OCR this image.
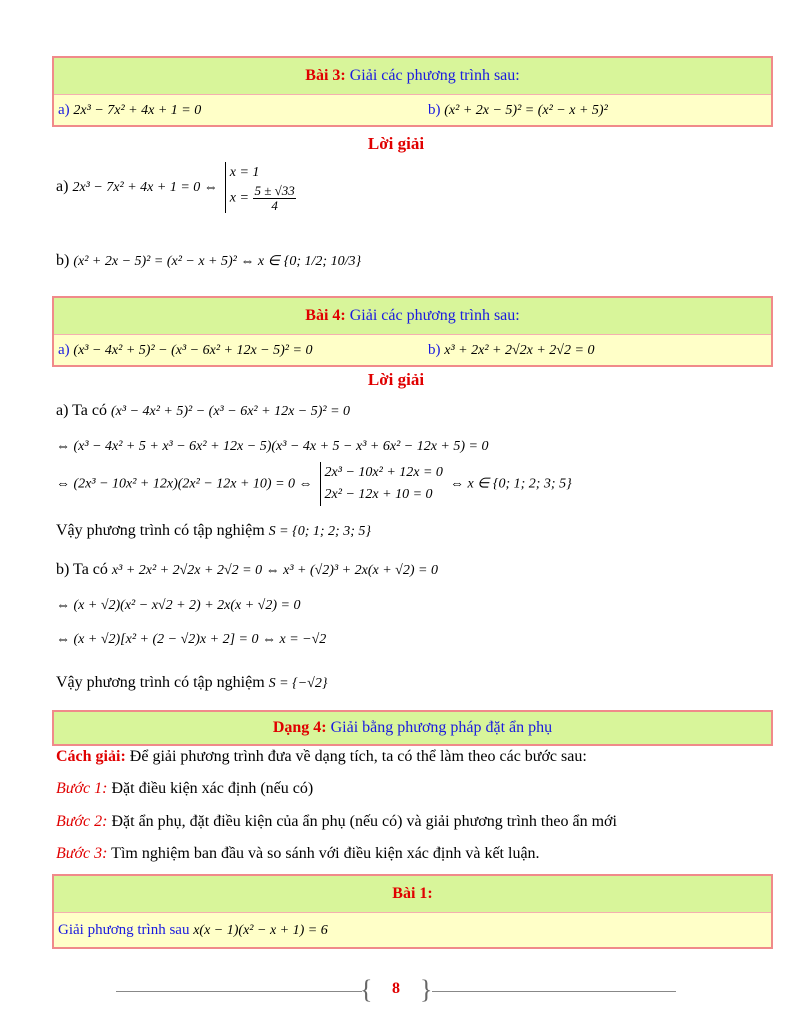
Bài 3: Giải các phương trình sau:
a) 2x³ − 7x² + 4x + 1 = 0	b) (x² + 2x − 5)² = (x² − x + 5)²
Lời giải
a) 2x³ − 7x² + 4x + 1 = 0 ⇔
x = 1
$x = \frac{5 \pm √33}{4}$
b) (x² + 2x − 5)² = (x² − x + 5)² ⇔ x ∈ {0; 1/2; 10/3}
Bài 4: Giải các phương trình sau:
a) (x³ − 4x² + 5)² − (x³ − 6x² + 12x − 5)² = 0	b) x³ + 2x² + 2√2x + 2√2 = 0
Lời giải
a) Ta có (x³ − 4x² + 5)² − (x³ − 6x² + 12x − 5)² = 0
⇔ (x³ − 4x² + 5 + x³ − 6x² + 12x − 5)(x³ − 4x + 5 − x³ + 6x² − 12x + 5) = 0
⇔ (2x³ − 10x² + 12x)(2x² − 12x + 10) = 0 ⇔
2x³ − 10x² + 12x = 0
2x² − 12x + 10 = 0
⇔ x ∈ {0; 1; 2; 3; 5}
Vậy phương trình có tập nghiệm S = {0; 1; 2; 3; 5}
b) Ta có x³ + 2x² + 2√2x + 2√2 = 0 ⇔ x³ + (√2)³ + 2x(x + √2) = 0
⇔ (x + √2)(x² − x√2 + 2) + 2x(x + √2) = 0
⇔ (x + √2)[x² + (2 − √2)x + 2] = 0 ⇔ x = −√2
Vậy phương trình có tập nghiệm S = {−√2}
Dạng 4: Giải bằng phương pháp đặt ẩn phụ
Cách giải: Để giải phương trình đưa về dạng tích, ta có thể làm theo các bước sau:
Bước 1: Đặt điều kiện xác định (nếu có)
Bước 2: Đặt ẩn phụ, đặt điều kiện của ẩn phụ (nếu có) và giải phương trình theo ẩn mới
Bước 3: Tìm nghiệm ban đầu và so sánh với điều kiện xác định và kết luận.
Bài 1:
Giải phương trình sau x(x − 1)(x² − x + 1) = 6
{	8 }
